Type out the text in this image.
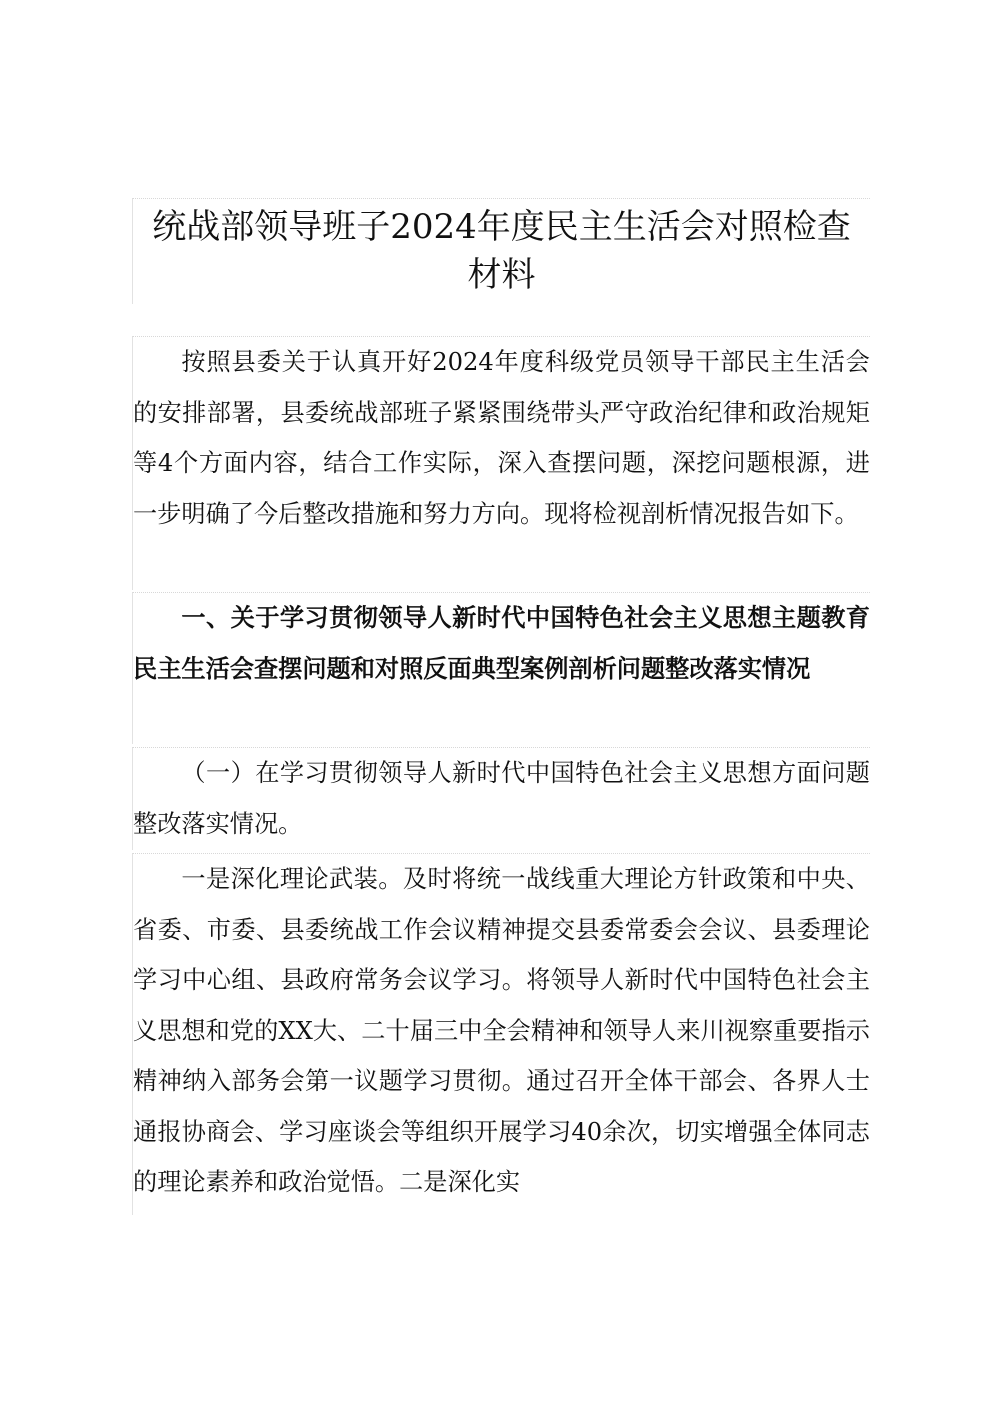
统战部领导班子2024年度民主生活会对照检查
材料

按照县委关于认真开好2024年度科级党员领导干部民主生活会的安排部署，县委统战部班子紧紧围绕带头严守政治纪律和政治规矩等4个方面内容，结合工作实际，深入查摆问题，深挖问题根源，进一步明确了今后整改措施和努力方向。现将检视剖析情况报告如下。

一、关于学习贯彻领导人新时代中国特色社会主义思想主题教育民主生活会查摆问题和对照反面典型案例剖析问题整改落实情况

（一）在学习贯彻领导人新时代中国特色社会主义思想方面问题整改落实情况。

一是深化理论武装。及时将统一战线重大理论方针政策和中央、省委、市委、县委统战工作会议精神提交县委常委会会议、县委理论学习中心组、县政府常务会议学习。将领导人新时代中国特色社会主义思想和党的XX大、二十届三中全会精神和领导人来川视察重要指示精神纳入部务会第一议题学习贯彻。通过召开全体干部会、各界人士通报协商会、学习座谈会等组织开展学习40余次，切实增强全体同志的理论素养和政治觉悟。二是深化实
